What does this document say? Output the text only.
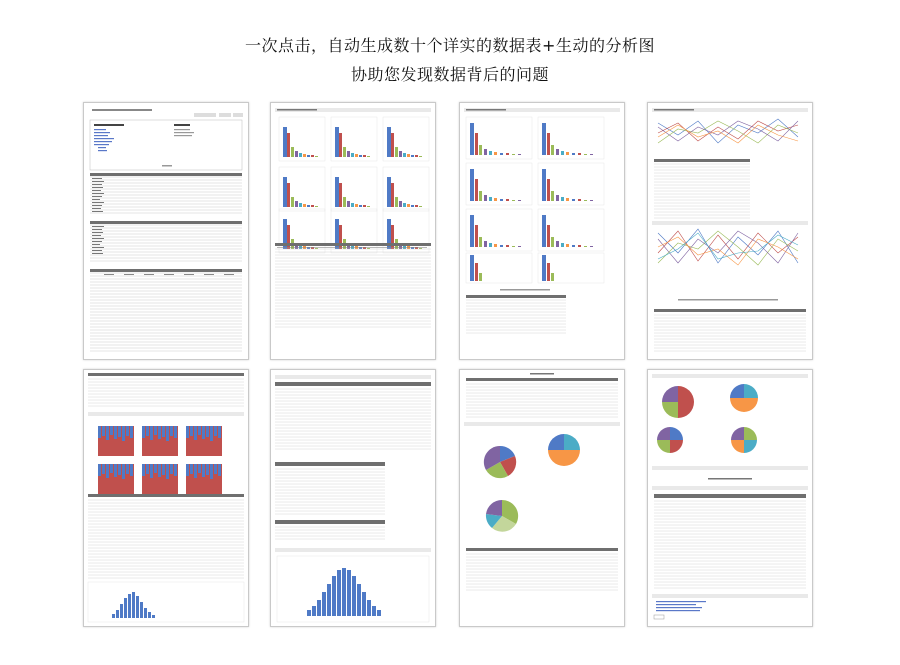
一次点击，自动生成数十个详实的数据表+生动的分析图
协助您发现数据背后的问题
